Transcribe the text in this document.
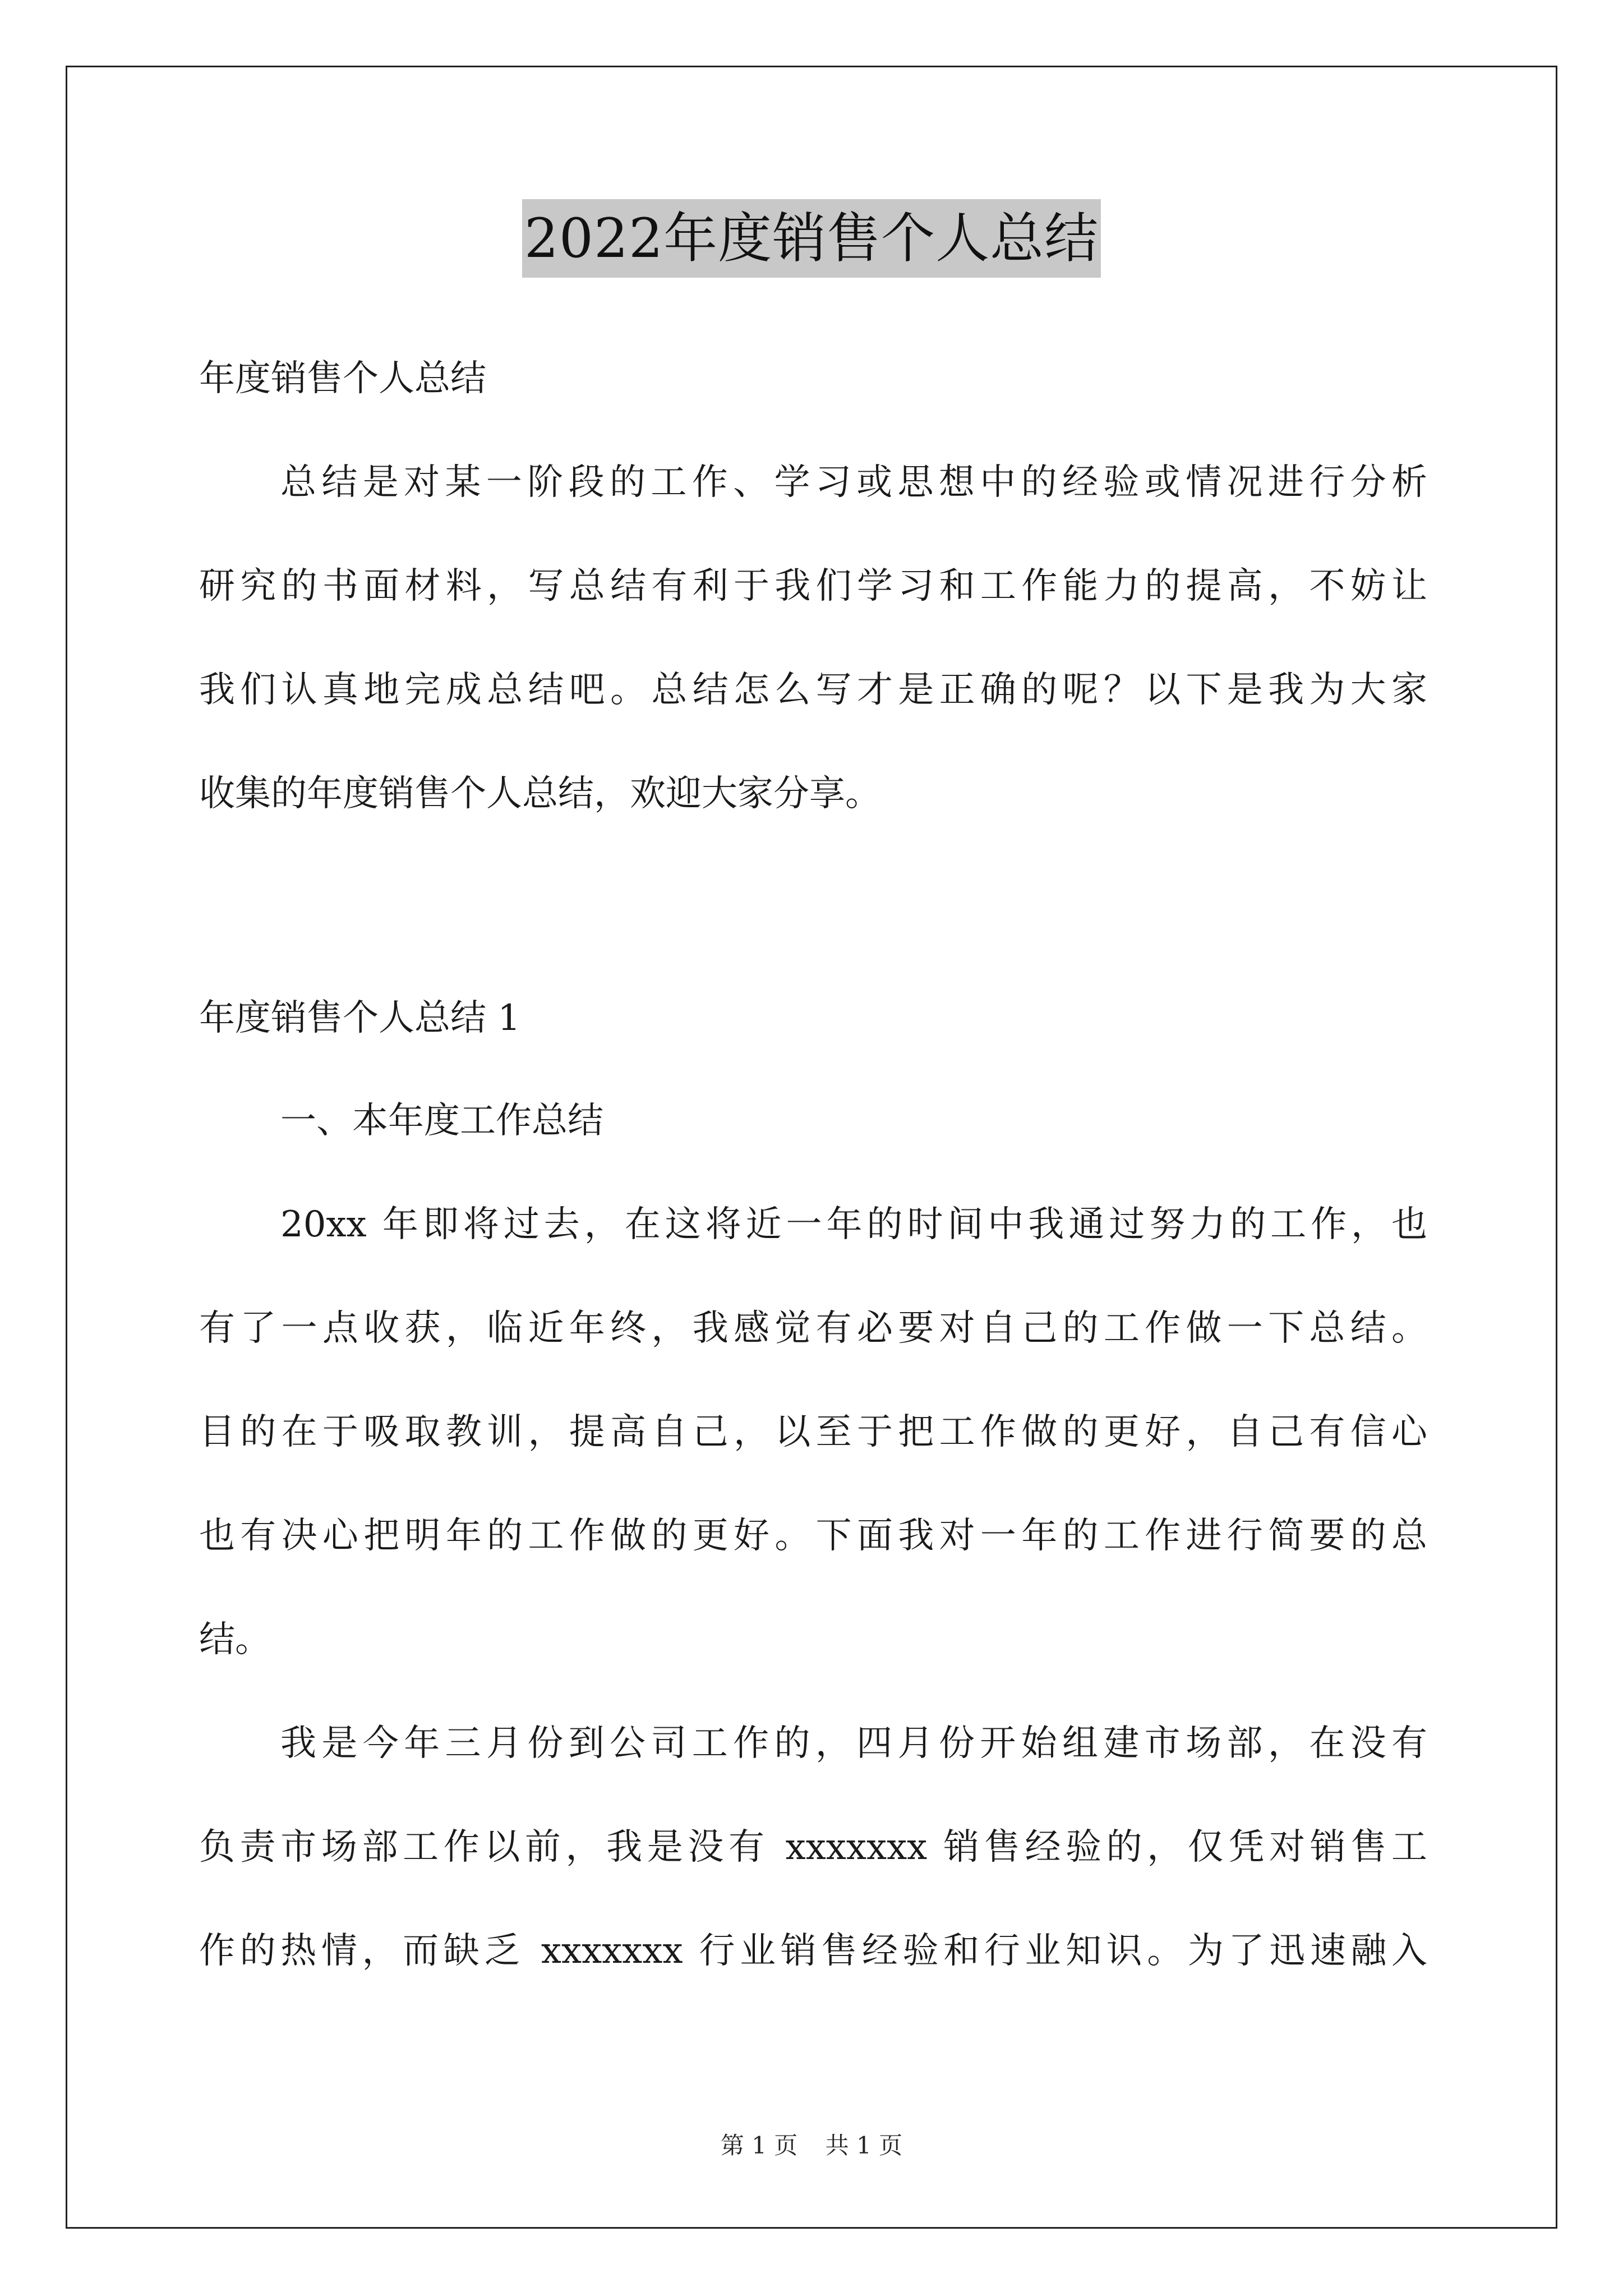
2022年度销售个人总结
年度销售个人总结
总结是对某一阶段的工作、学习或思想中的经验或情况进行分析
研究的书面材料，写总结有利于我们学习和工作能力的提高，不妨让
我们认真地完成总结吧。总结怎么写才是正确的呢？以下是我为大家
收集的年度销售个人总结，欢迎大家分享。
年度销售个人总结 1
一、本年度工作总结
20xx 年即将过去，在这将近一年的时间中我通过努力的工作，也
有了一点收获，临近年终，我感觉有必要对自己的工作做一下总结。
目的在于吸取教训，提高自己，以至于把工作做的更好，自己有信心
也有决心把明年的工作做的更好。下面我对一年的工作进行简要的总
结。
我是今年三月份到公司工作的，四月份开始组建市场部，在没有
负责市场部工作以前，我是没有 xxxxxxx 销售经验的，仅凭对销售工
作的热情，而缺乏 xxxxxxx 行业销售经验和行业知识。为了迅速融入
第 1 页 共 1 页
